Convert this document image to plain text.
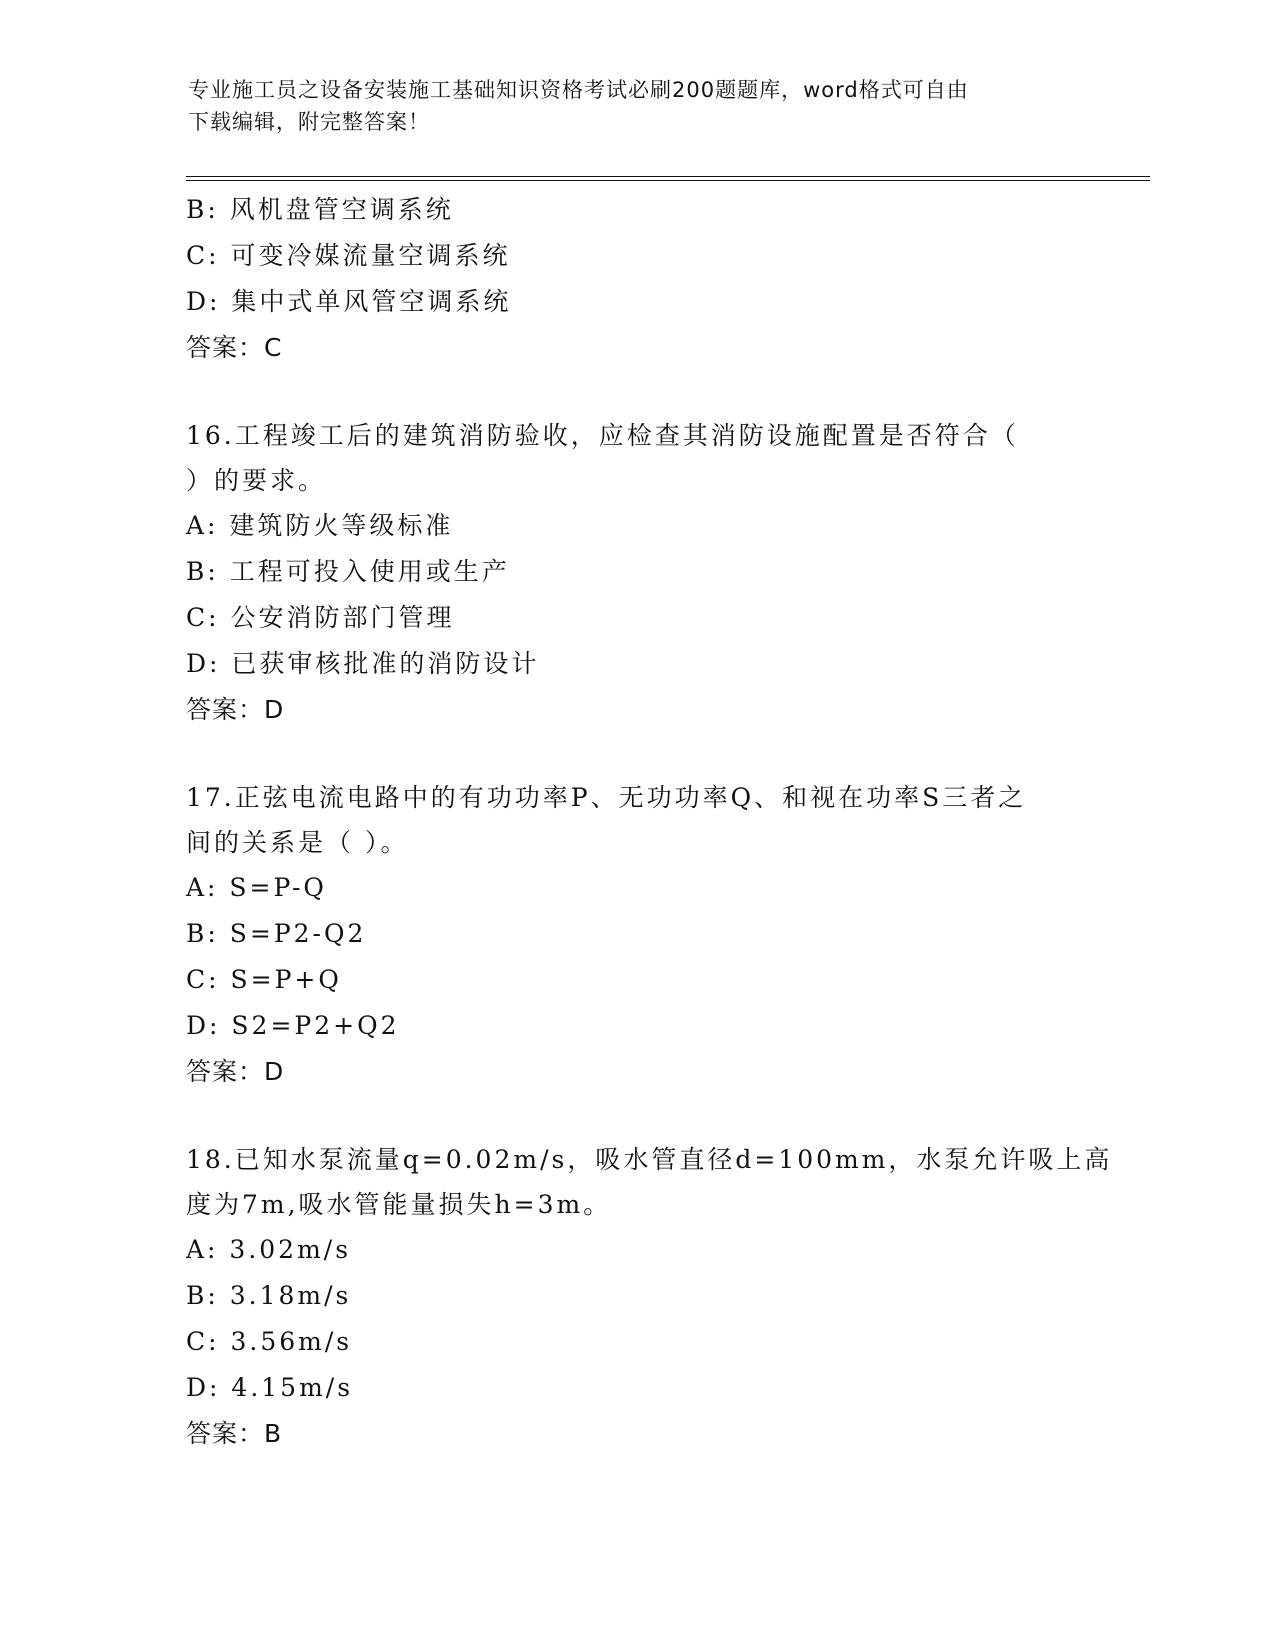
专业施工员之设备安装施工基础知识资格考试必刷200题题库，word格式可自由
下载编辑，附完整答案！
B: 风机盘管空调系统
C: 可变冷媒流量空调系统
D: 集中式单风管空调系统
答案：C
16.工程竣工后的建筑消防验收，应检查其消防设施配置是否符合（
）的要求。
A: 建筑防火等级标准
B: 工程可投入使用或生产
C: 公安消防部门管理
D: 已获审核批准的消防设计
答案：D
17.正弦电流电路中的有功功率P、无功功率Q、和视在功率S三者之
间的关系是（ ）。
A: S=P-Q
B: S=P2-Q2
C: S=P+Q
D: S2=P2+Q2
答案：D
18.已知水泵流量q=0.02m/s，吸水管直径d=100mm，水泵允许吸上高
度为7m,吸水管能量损失h=3m。
A: 3.02m/s
B: 3.18m/s
C: 3.56m/s
D: 4.15m/s
答案：B
